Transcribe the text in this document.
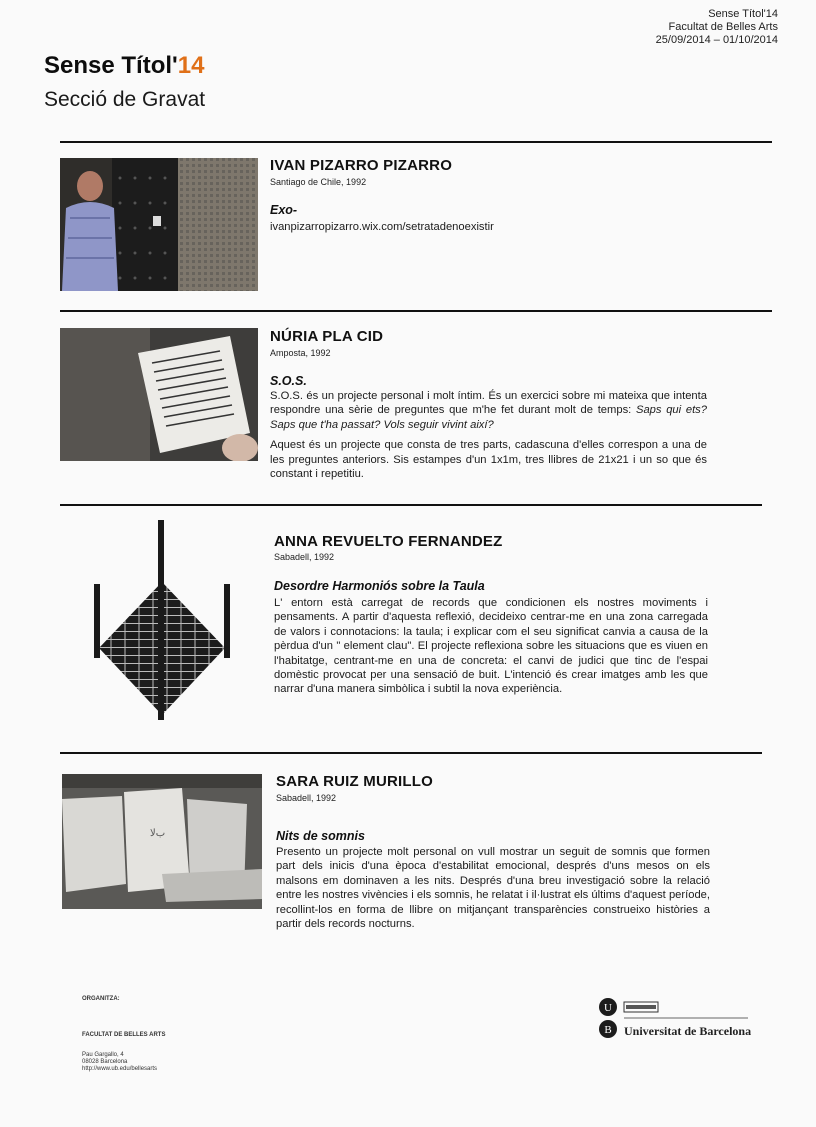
Sense Títol'14
Facultat de Belles Arts
25/09/2014 – 01/10/2014
Sense Títol'14
Secció de Gravat
IVAN PIZARRO PIZARRO
Santiago de Chile, 1992
Exo-
ivanpizarropizarro.wix.com/setratadenoexistir
NÚRIA PLA CID
Amposta, 1992
S.O.S.

S.O.S. és un projecte personal i molt íntim. És un exercici sobre mi mateixa que intenta respondre una sèrie de preguntes que m'he fet durant molt de temps: Saps qui ets? Saps que t'ha passat? Vols seguir vivint així?

Aquest és un projecte que consta de tres parts, cadascuna d'elles correspon a una de les preguntes anteriors. Sis estampes d'un 1x1m, tres llibres de 21x21 i un so que és constant i repetitiu.

ANNA REVUELTO FERNANDEZ
Sabadell, 1992
Desordre Harmoniós sobre la Taula
L' entorn està carregat de records que condicionen els nostres moviments i pensaments. A partir d'aquesta reflexió, decideixo centrar-me en una zona carregada de valors i connotacions: la taula; i explicar com el seu significat canvia a causa de la pèrdua d'un " element clau". El projecte reflexiona sobre les situacions que es viuen en l'habitatge, centrant-me en una de concreta: el canvi de judici que tinc de l'espai domèstic provocat per una sensació de buit. L'intenció és crear imatges amb les que narrar d'una manera simbòlica i subtil la nova experiència.
ﺏﻻ
SARA RUIZ MURILLO
Sabadell, 1992
Nits de somnis
Presento un projecte molt personal on vull mostrar un seguit de somnis que formen part dels inicis d'una època d'estabilitat emocional, després d'uns mesos on els malsons em dominaven a les nits. Després d'una breu investigació sobre la relació entre les nostres vivències i els somnis, he relatat i il·lustrat els últims d'aquest període, recollint-los en forma de llibre on mitjançant transparències construeixo històries a partir dels records nocturns.
ORGANITZA:
FACULTAT DE BELLES ARTS
Pau Gargallo, 4
08028 Barcelona
http://www.ub.edu/bellesarts
U
B Universitat de Barcelona
